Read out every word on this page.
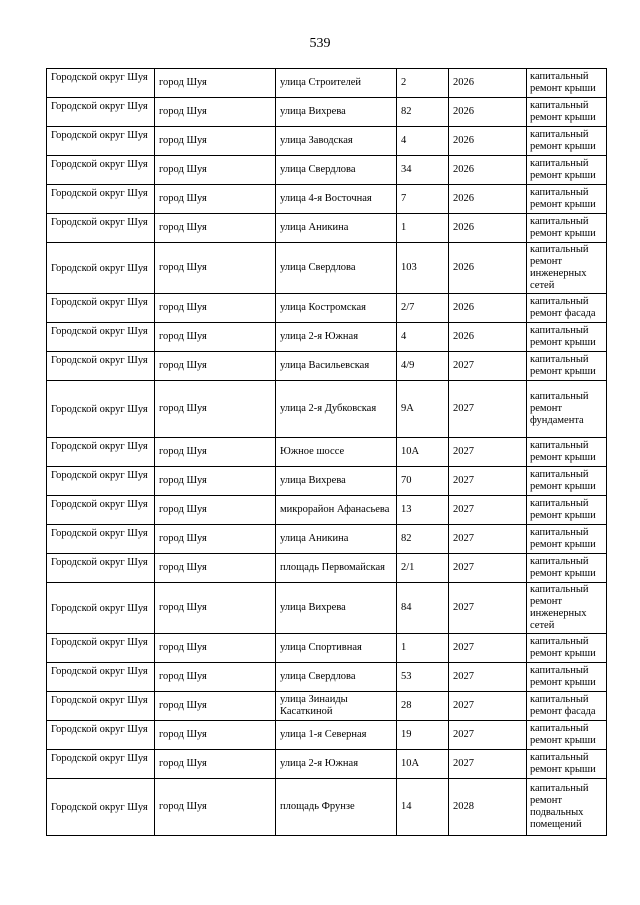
539
Городской округ Шуя	город Шуя	улица Строителей	2	2026	капитальный ремонт крыши
Городской округ Шуя	город Шуя	улица Вихрева	82	2026	капитальный ремонт крыши
Городской округ Шуя	город Шуя	улица Заводская	4	2026	капитальный ремонт крыши
Городской округ Шуя	город Шуя	улица Свердлова	34	2026	капитальный ремонт крыши
Городской округ Шуя	город Шуя	улица 4-я Восточная	7	2026	капитальный ремонт крыши
Городской округ Шуя	город Шуя	улица Аникина	1	2026	капитальный ремонт крыши
Городской округ Шуя	город Шуя	улица Свердлова	103	2026	капитальный ремонт инженерных сетей
Городской округ Шуя	город Шуя	улица Костромская	2/7	2026	капитальный ремонт фасада
Городской округ Шуя	город Шуя	улица 2-я Южная	4	2026	капитальный ремонт крыши
Городской округ Шуя	город Шуя	улица Васильевская	4/9	2027	капитальный ремонт крыши
Городской округ Шуя	город Шуя	улица 2-я Дубковская	9А	2027	капитальный ремонт фундамента
Городской округ Шуя	город Шуя	Южное шоссе	10А	2027	капитальный ремонт крыши
Городской округ Шуя	город Шуя	улица Вихрева	70	2027	капитальный ремонт крыши
Городской округ Шуя	город Шуя	микрорайон Афанасьева	13	2027	капитальный ремонт крыши
Городской округ Шуя	город Шуя	улица Аникина	82	2027	капитальный ремонт крыши
Городской округ Шуя	город Шуя	площадь Первомайская	2/1	2027	капитальный ремонт крыши
Городской округ Шуя	город Шуя	улица Вихрева	84	2027	капитальный ремонт инженерных сетей
Городской округ Шуя	город Шуя	улица Спортивная	1	2027	капитальный ремонт крыши
Городской округ Шуя	город Шуя	улица Свердлова	53	2027	капитальный ремонт крыши
Городской округ Шуя	город Шуя	улица Зинаиды Касаткиной	28	2027	капитальный ремонт фасада
Городской округ Шуя	город Шуя	улица 1-я Северная	19	2027	капитальный ремонт крыши
Городской округ Шуя	город Шуя	улица 2-я Южная	10А	2027	капитальный ремонт крыши
Городской округ Шуя	город Шуя	площадь Фрунзе	14	2028	капитальный ремонт подвальных помещений
